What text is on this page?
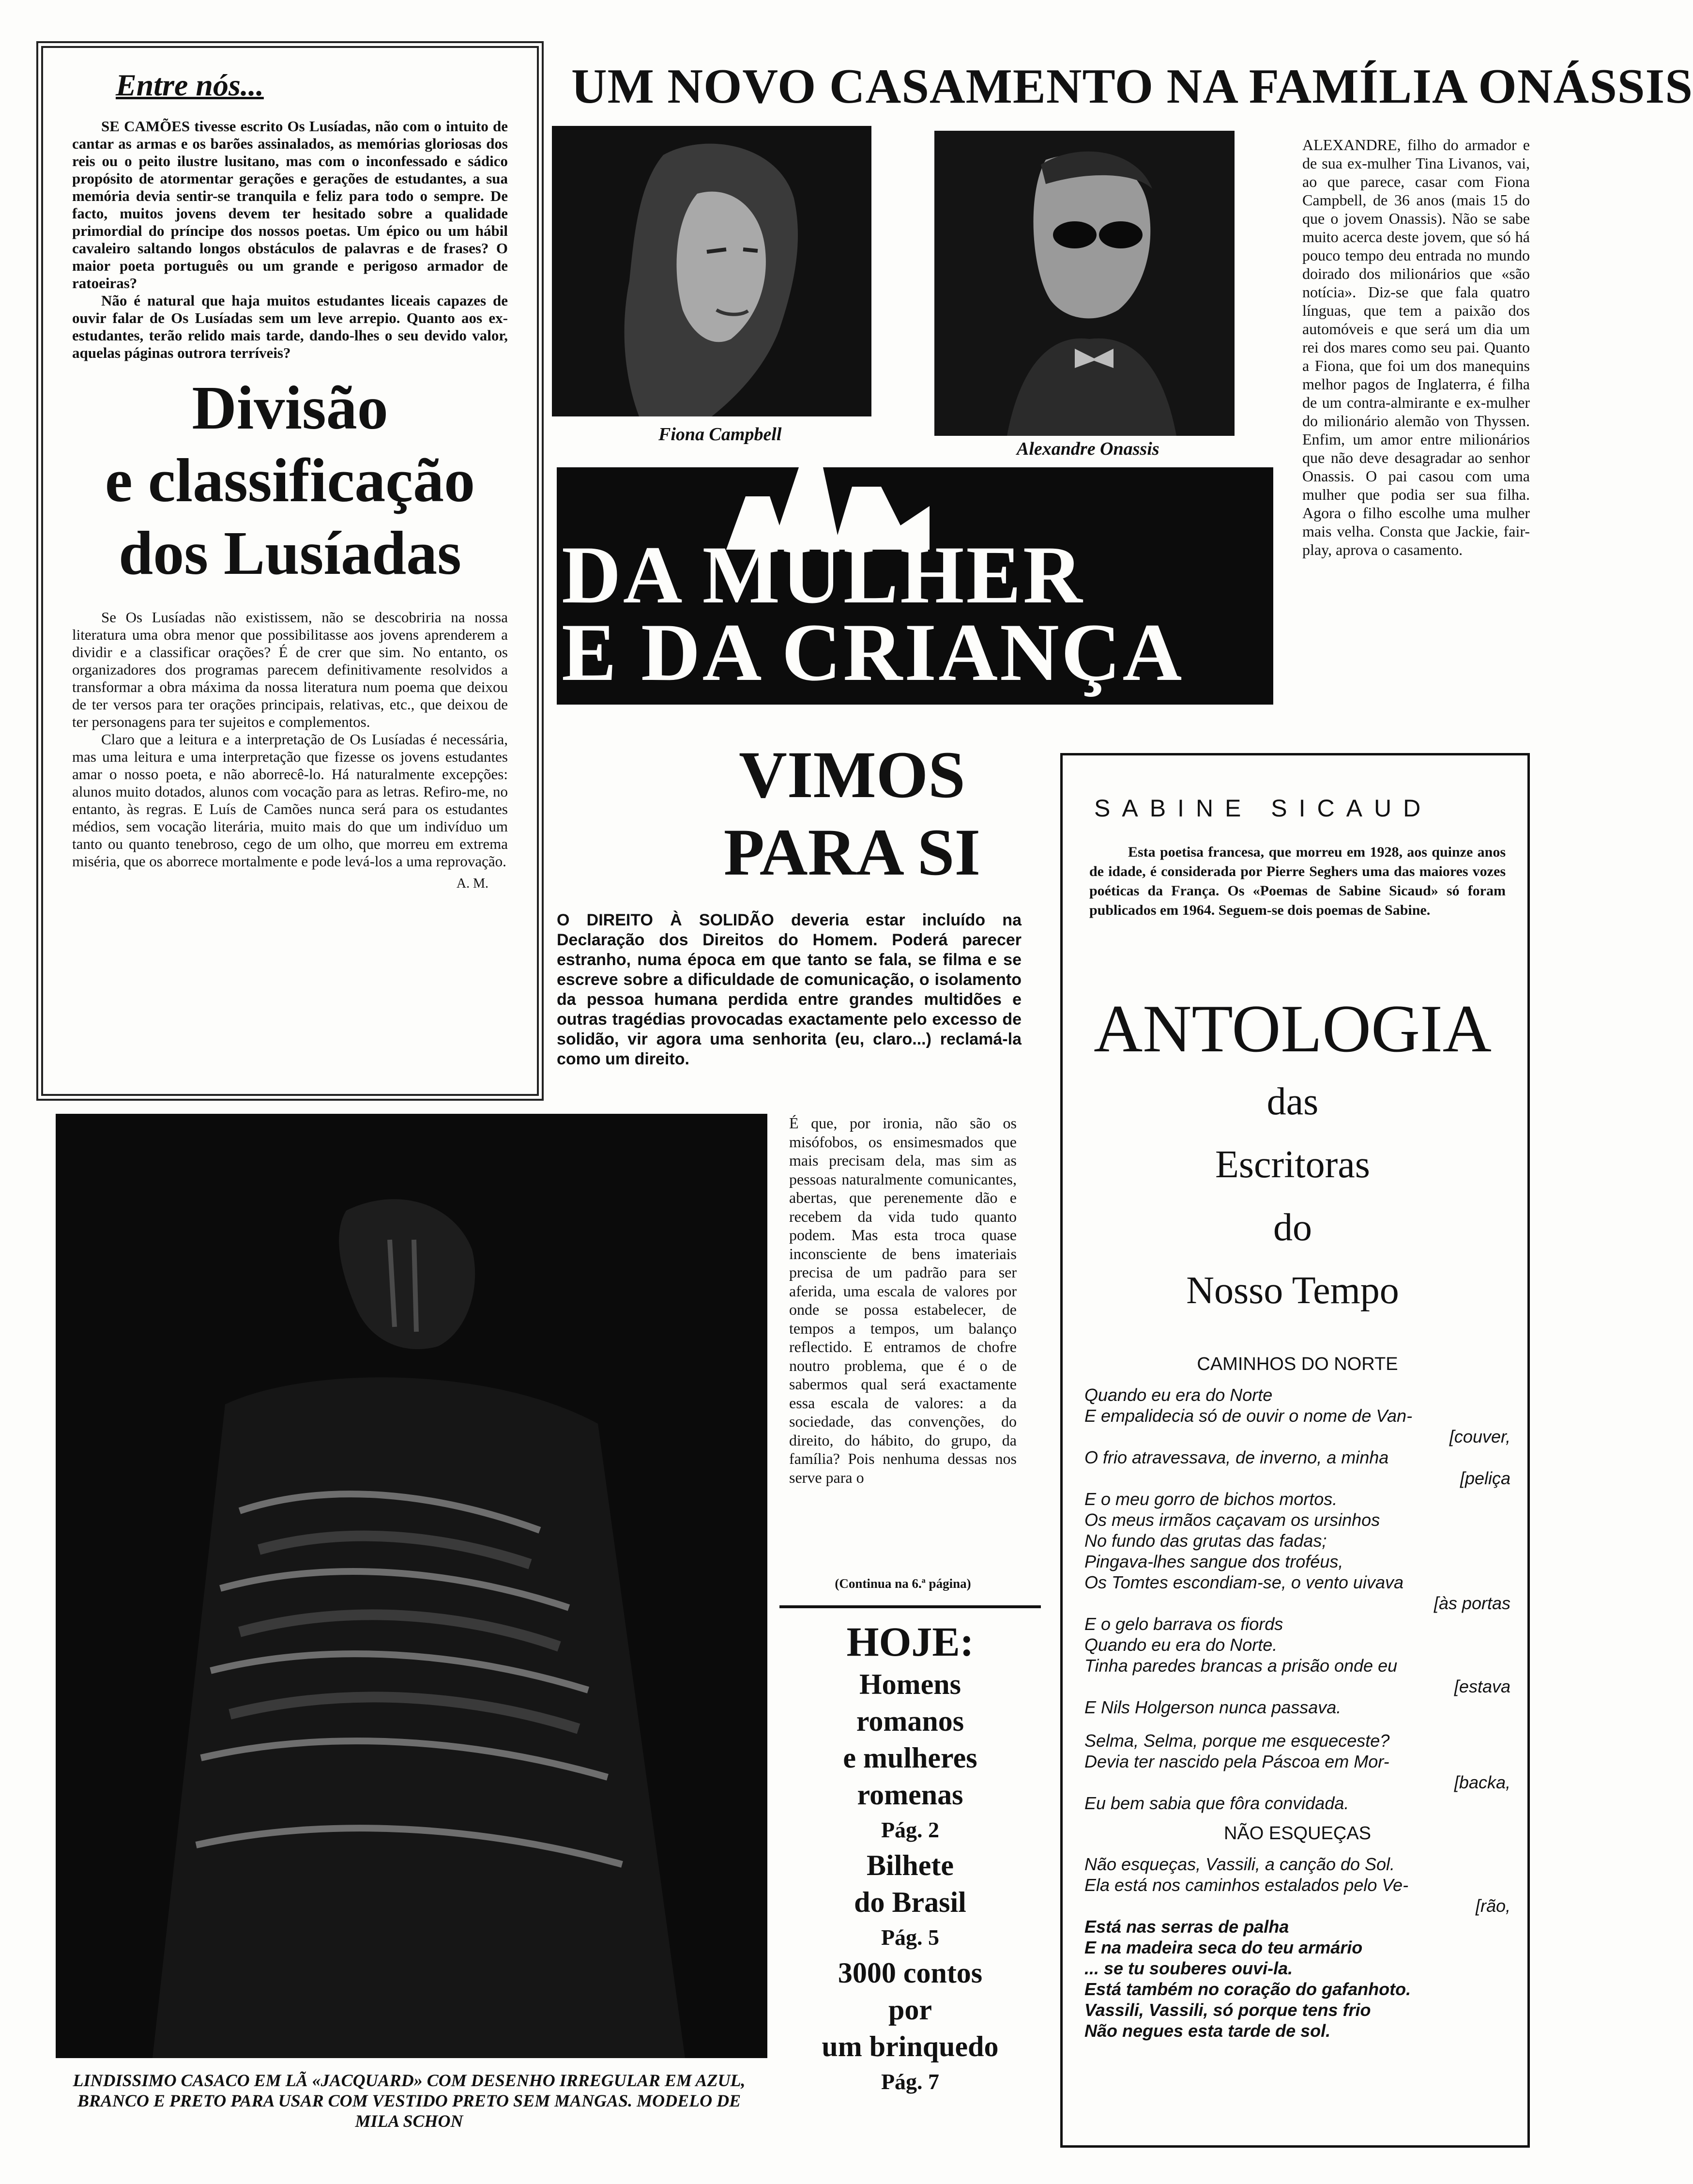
Entre nós...

SE CAMÕES tivesse escrito Os Lusíadas, não com o intuito de cantar as armas e os barões assinalados, as memórias gloriosas dos reis ou o peito ilustre lusitano, mas com o inconfessado e sádico propósito de atormentar gerações e gerações de estudantes, a sua memória devia sentir-se tranquila e feliz para todo o sempre. De facto, muitos jovens devem ter hesitado sobre a qualidade primordial do príncipe dos nossos poetas. Um épico ou um hábil cavaleiro saltando longos obstáculos de palavras e de frases? O maior poeta português ou um grande e perigoso armador de ratoeiras?

Não é natural que haja muitos estudantes liceais capazes de ouvir falar de Os Lusíadas sem um leve arrepio. Quanto aos ex-estudantes, terão relido mais tarde, dando-lhes o seu devido valor, aquelas páginas outrora terríveis?

Divisão
e classificação
dos Lusíadas

Se Os Lusíadas não existissem, não se descobriria na nossa literatura uma obra menor que possibilitasse aos jovens aprenderem a dividir e a classificar orações? É de crer que sim. No entanto, os organizadores dos programas parecem definitivamente resolvidos a transformar a obra máxima da nossa literatura num poema que deixou de ter versos para ter orações principais, relativas, etc., que deixou de ter personagens para ter sujeitos e complementos.

Claro que a leitura e a interpretação de Os Lusíadas é necessária, mas uma leitura e uma interpretação que fizesse os jovens estudantes amar o nosso poeta, e não aborrecê-lo. Há naturalmente excepções: alunos muito dotados, alunos com vocação para as letras. Refiro-me, no entanto, às regras. E Luís de Camões nunca será para os estudantes médios, sem vocação literária, muito mais do que um indivíduo um tanto ou quanto tenebroso, cego de um olho, que morreu em extrema miséria, que os aborrece mortalmente e pode levá-los a uma reprovação.

A. M.
UM NOVO CASAMENTO NA FAMÍLIA ONÁSSIS
Fiona Campbell
Alexandre Onassis
ALEXANDRE, filho do armador e de sua ex-mulher Tina Livanos, vai, ao que parece, casar com Fiona Campbell, de 36 anos (mais 15 do que o jovem Onassis). Não se sabe muito acerca deste jovem, que só há pouco tempo deu entrada no mundo doirado dos milionários que «são notícia». Diz-se que fala quatro línguas, que tem a paixão dos automóveis e que será um dia um rei dos mares como seu pai. Quanto a Fiona, que foi um dos manequins melhor pagos de Inglaterra, é filha de um contra-almirante e ex-mulher do milionário alemão von Thyssen. Enfim, um amor entre milionários que não deve desagradar ao senhor Onassis. O pai casou com uma mulher que podia ser sua filha. Agora o filho escolhe uma mulher mais velha. Consta que Jackie, fair-play, aprova o casamento.
DA MULHER
E DA CRIANÇA
VIMOS
PARA SI

O DIREITO À SOLIDÃO deveria estar incluído na Declaração dos Direitos do Homem. Poderá parecer estranho, numa época em que tanto se fala, se filma e se escreve sobre a dificuldade de comunicação, o isolamento da pessoa humana perdida entre grandes multidões e outras tragédias provocadas exactamente pelo excesso de solidão, vir agora uma senhorita (eu, claro...) reclamá-la como um direito.

É que, por ironia, não são os misófobos, os ensimesmados que mais precisam dela, mas sim as pessoas naturalmente comunicantes, abertas, que perenemente dão e recebem da vida tudo quanto podem. Mas esta troca quase inconsciente de bens imateriais precisa de um padrão para ser aferida, uma escala de valores por onde se possa estabelecer, de tempos a tempos, um balanço reflectido. E entramos de chofre noutro problema, que é o de sabermos qual será exactamente essa escala de valores: a da sociedade, das convenções, do direito, do hábito, do grupo, da família? Pois nenhuma dessas nos serve para o
(Continua na 6.ª página)
HOJE:
Homens
romanos
e mulheres
romenas
Pág. 2
Bilhete
do Brasil
Pág. 5
3000 contos
por
um brinquedo
Pág. 7
LINDISSIMO CASACO EM LÃ «JACQUARD» COM DESENHO IRREGULAR EM AZUL, BRANCO E PRETO PARA USAR COM VESTIDO PRETO SEM MANGAS. MODELO DE MILA SCHON
SABINE SICAUD

Esta poetisa francesa, que morreu em 1928, aos quinze anos de idade, é considerada por Pierre Seghers uma das maiores vozes poéticas da França. Os «Poemas de Sabine Sicaud» só foram publicados em 1964. Seguem-se dois poemas de Sabine.

ANTOLOGIA
das
Escritoras
do
Nosso Tempo
CAMINHOS DO NORTE
Quando eu era do Norte
E empalidecia só de ouvir o nome de Van-
[couver,
O frio atravessava, de inverno, a minha
[peliça
E o meu gorro de bichos mortos.
Os meus irmãos caçavam os ursinhos
No fundo das grutas das fadas;
Pingava-lhes sangue dos troféus,
Os Tomtes escondiam-se, o vento uivava
[às portas
E o gelo barrava os fiords
Quando eu era do Norte.
Tinha paredes brancas a prisão onde eu
[estava
E Nils Holgerson nunca passava.
Selma, Selma, porque me esqueceste?
Devia ter nascido pela Páscoa em Mor-
[backa,
Eu bem sabia que fôra convidada.
NÃO ESQUEÇAS
Não esqueças, Vassili, a canção do Sol.
Ela está nos caminhos estalados pelo Ve-
[rão,
Está nas serras de palha
E na madeira seca do teu armário
... se tu souberes ouvi-la.
Está também no coração do gafanhoto.
Vassili, Vassili, só porque tens frio
Não negues esta tarde de sol.
